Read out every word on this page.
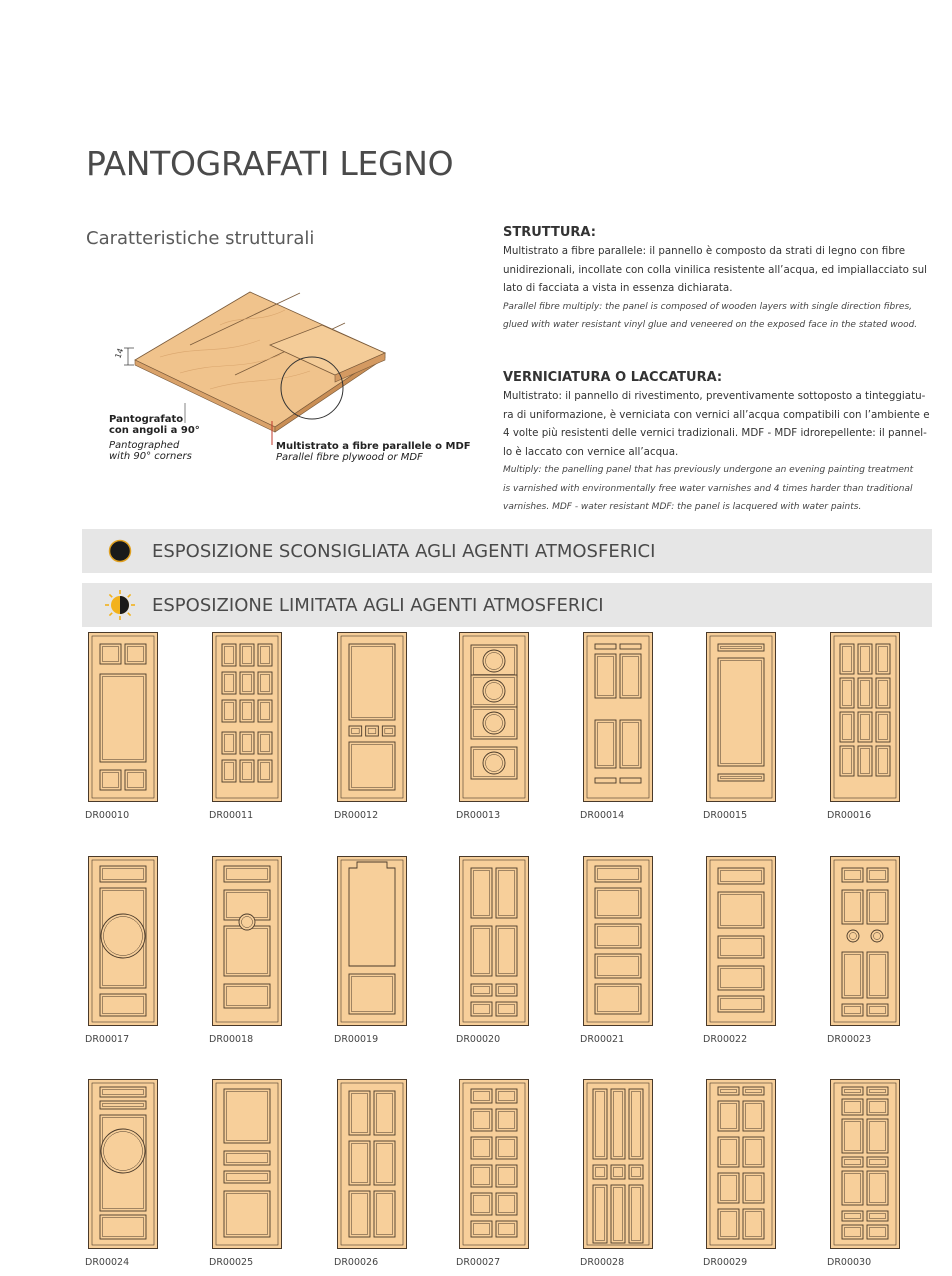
PANTOGRAFATI LEGNO
Caratteristiche strutturali
14
Pantografato
con angoli a 90°
Pantographed
with 90° corners
Multistrato a fibre parallele o MDF
Parallel fibre plywood or MDF
STRUTTURA:
Multistrato a fibre parallele: il pannello è composto da strati di legno con fibre
unidirezionali, incollate con colla vinilica resistente all’acqua, ed impiallacciato sul
lato di facciata a vista in essenza dichiarata.
Parallel fibre multiply: the panel is composed of wooden layers with single direction fibres,
glued with water resistant vinyl glue and veneered on the exposed face in the stated wood.
VERNICIATURA O LACCATURA:
Multistrato: il pannello di rivestimento, preventivamente sottoposto a tinteggiatu-
ra di uniformazione, è verniciata con vernici all’acqua compatibili con l’ambiente e
4 volte più resistenti delle vernici tradizionali. MDF - MDF idrorepellente: il pannel-
lo è laccato con vernice all’acqua.
Multiply: the panelling panel that has previously undergone an evening painting treatment
is varnished with environmentally free water varnishes and 4 times harder than traditional
varnishes. MDF - water resistant MDF: the panel is lacquered with water paints.
ESPOSIZIONE SCONSIGLIATA AGLI AGENTI ATMOSFERICI
ESPOSIZIONE LIMITATA AGLI AGENTI ATMOSFERICI
DR00010	DR00011	DR00012	DR00013	DR00014	DR00015	DR00016
DR00017	DR00018	DR00019	DR00020	DR00021	DR00022	DR00023
DR00024	DR00025	DR00026	DR00027	DR00028	DR00029	DR00030
